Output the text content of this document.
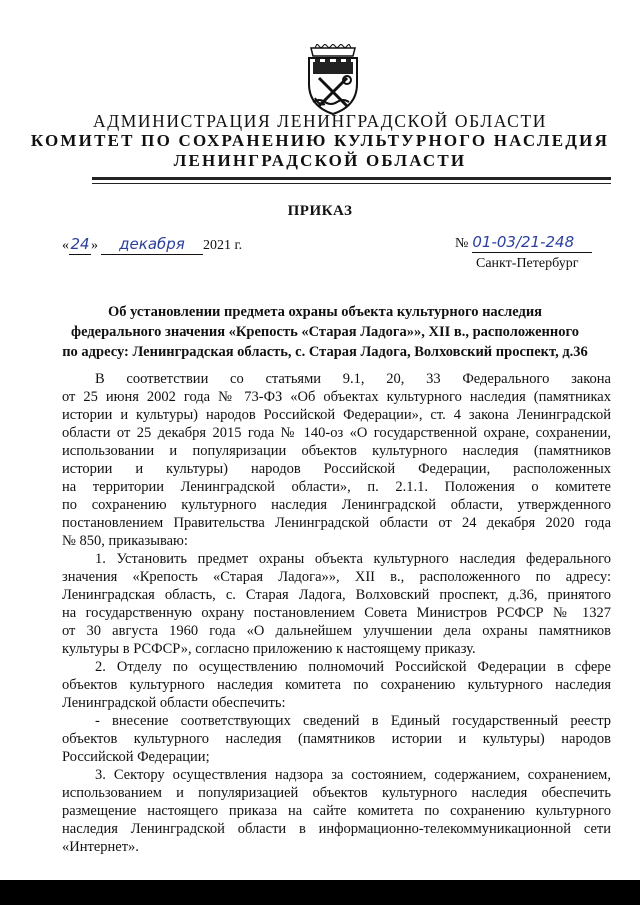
АДМИНИСТРАЦИЯ ЛЕНИНГРАДСКОЙ ОБЛАСТИ
КОМИТЕТ ПО СОХРАНЕНИЮ КУЛЬТУРНОГО НАСЛЕДИЯ
ЛЕНИНГРАДСКОЙ ОБЛАСТИ
ПРИКАЗ
«24» декабря 2021 г.	№ 01-03/21-248
Санкт-Петербург
Об установлении предмета охраны объекта культурного наследия
федерального значения «Крепость «Старая Ладога»», XII в., расположенного
по адресу: Ленинградская область, с. Старая Ладога, Волховский проспект, д.36
В соответствии со статьями 9.1, 20, 33 Федерального закона
от 25 июня 2002 года № 73-ФЗ «Об объектах культурного наследия (памятниках
истории и культуры) народов Российской Федерации», ст. 4 закона Ленинградской
области от 25 декабря 2015 года № 140-оз «О государственной охране, сохранении,
использовании и популяризации объектов культурного наследия (памятников
истории и культуры) народов Российской Федерации, расположенных
на территории Ленинградской области», п. 2.1.1. Положения о комитете
по сохранению культурного наследия Ленинградской области, утвержденного
постановлением Правительства Ленинградской области от 24 декабря 2020 года
№ 850, приказываю:
1. Установить предмет охраны объекта культурного наследия федерального
значения «Крепость «Старая Ладога»», XII в., расположенного по адресу:
Ленинградская область, с. Старая Ладога, Волховский проспект, д.36, принятого
на государственную охрану постановлением Совета Министров РСФСР № 1327
от 30 августа 1960 года «О дальнейшем улучшении дела охраны памятников
культуры в РСФСР», согласно приложению к настоящему приказу.
2. Отделу по осуществлению полномочий Российской Федерации в сфере
объектов культурного наследия комитета по сохранению культурного наследия
Ленинградской области обеспечить:
- внесение соответствующих сведений в Единый государственный реестр
объектов культурного наследия (памятников истории и культуры) народов
Российской Федерации;
3. Сектору осуществления надзора за состоянием, содержанием, сохранением,
использованием и популяризацией объектов культурного наследия обеспечить
размещение настоящего приказа на сайте комитета по сохранению культурного
наследия Ленинградской области в информационно-телекоммуникационной сети
«Интернет».
